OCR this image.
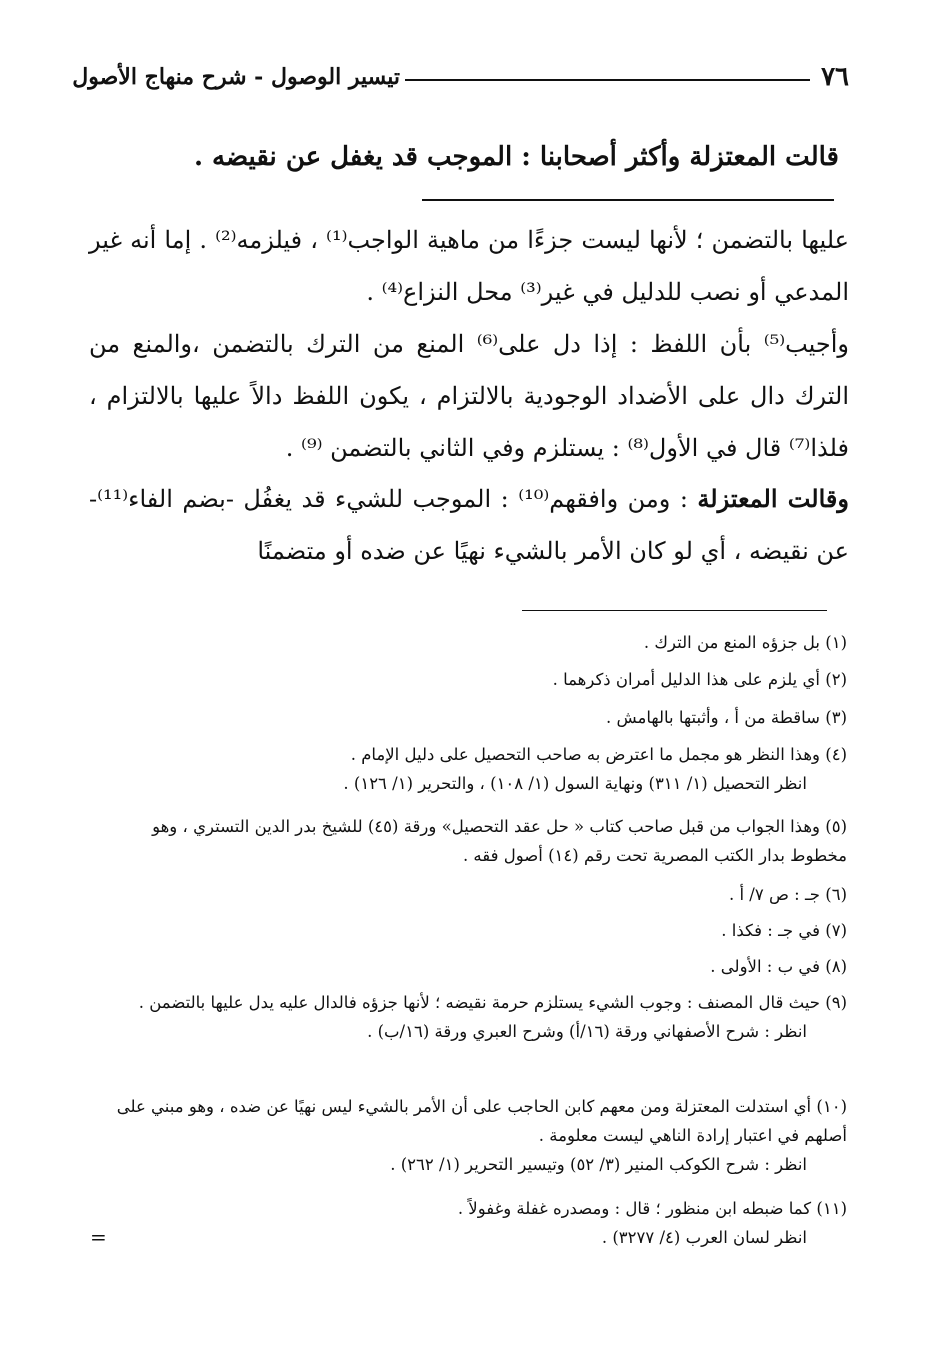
٧٦
تيسير الوصول - شرح منهاج الأصول
قالت المعتزلة وأكثر أصحابنا : الموجب قد يغفل عن نقيضه .
عليها بالتضمن ؛ لأنها ليست جزءًا من ماهية الواجب⁽¹⁾ ، فيلزمه⁽²⁾ . إما أنه غير المدعي أو نصب للدليل في غير⁽³⁾ محل النزاع⁽⁴⁾ .
وأجيب⁽⁵⁾ بأن اللفظ : إذا دل على⁽⁶⁾ المنع من الترك بالتضمن ،والمنع من الترك دال على الأضداد الوجودية بالالتزام ، يكون اللفظ دالاً عليها بالالتزام ، فلذا⁽⁷⁾ قال في الأول⁽⁸⁾ : يستلزم وفي الثاني بالتضمن ⁽⁹⁾ .
وقالت المعتزلة : ومن وافقهم⁽¹⁰⁾ : الموجب للشيء قد يغفُل -بضم الفاء⁽¹¹⁾- عن نقيضه ، أي لو كان الأمر بالشيء نهيًا عن ضده أو متضمنًا
(١) بل جزؤه المنع من الترك .
(٢) أي يلزم على هذا الدليل أمران ذكرهما .
(٣) ساقطة من أ ، وأثبتها بالهامش .
(٤) وهذا النظر هو مجمل ما اعترض به صاحب التحصيل على دليل الإمام .
انظر التحصيل (١/ ٣١١) ونهاية السول (١/ ١٠٨) ، والتحرير (١/ ١٢٦) .
(٥) وهذا الجواب من قبل صاحب كتاب « حل عقد التحصيل» ورقة (٤٥) للشيخ بدر الدين التستري ، وهو مخطوط بدار الكتب المصرية تحت رقم (١٤) أصول فقه .
(٦) جـ : ص ٧/ أ .
(٧) في جـ : فكذا .
(٨) في ب : الأولى .
(٩) حيث قال المصنف : وجوب الشيء يستلزم حرمة نقيضه ؛ لأنها جزؤه فالدال عليه يدل عليها بالتضمن .
انظر : شرح الأصفهاني ورقة (١٦/أ) وشرح العبري ورقة (١٦/ب) .
(١٠) أي استدلت المعتزلة ومن معهم كابن الحاجب على أن الأمر بالشيء ليس نهيًا عن ضده ، وهو مبني على أصلهم في اعتبار إرادة الناهي ليست معلومة .
انظر : شرح الكوكب المنير (٣/ ٥٢) وتيسير التحرير (١/ ٢٦٢) .
(١١) كما ضبطه ابن منظور ؛ قال : ومصدره غفلة وغفولاً .
انظر لسان العرب (٤/ ٣٢٧٧) .
=
